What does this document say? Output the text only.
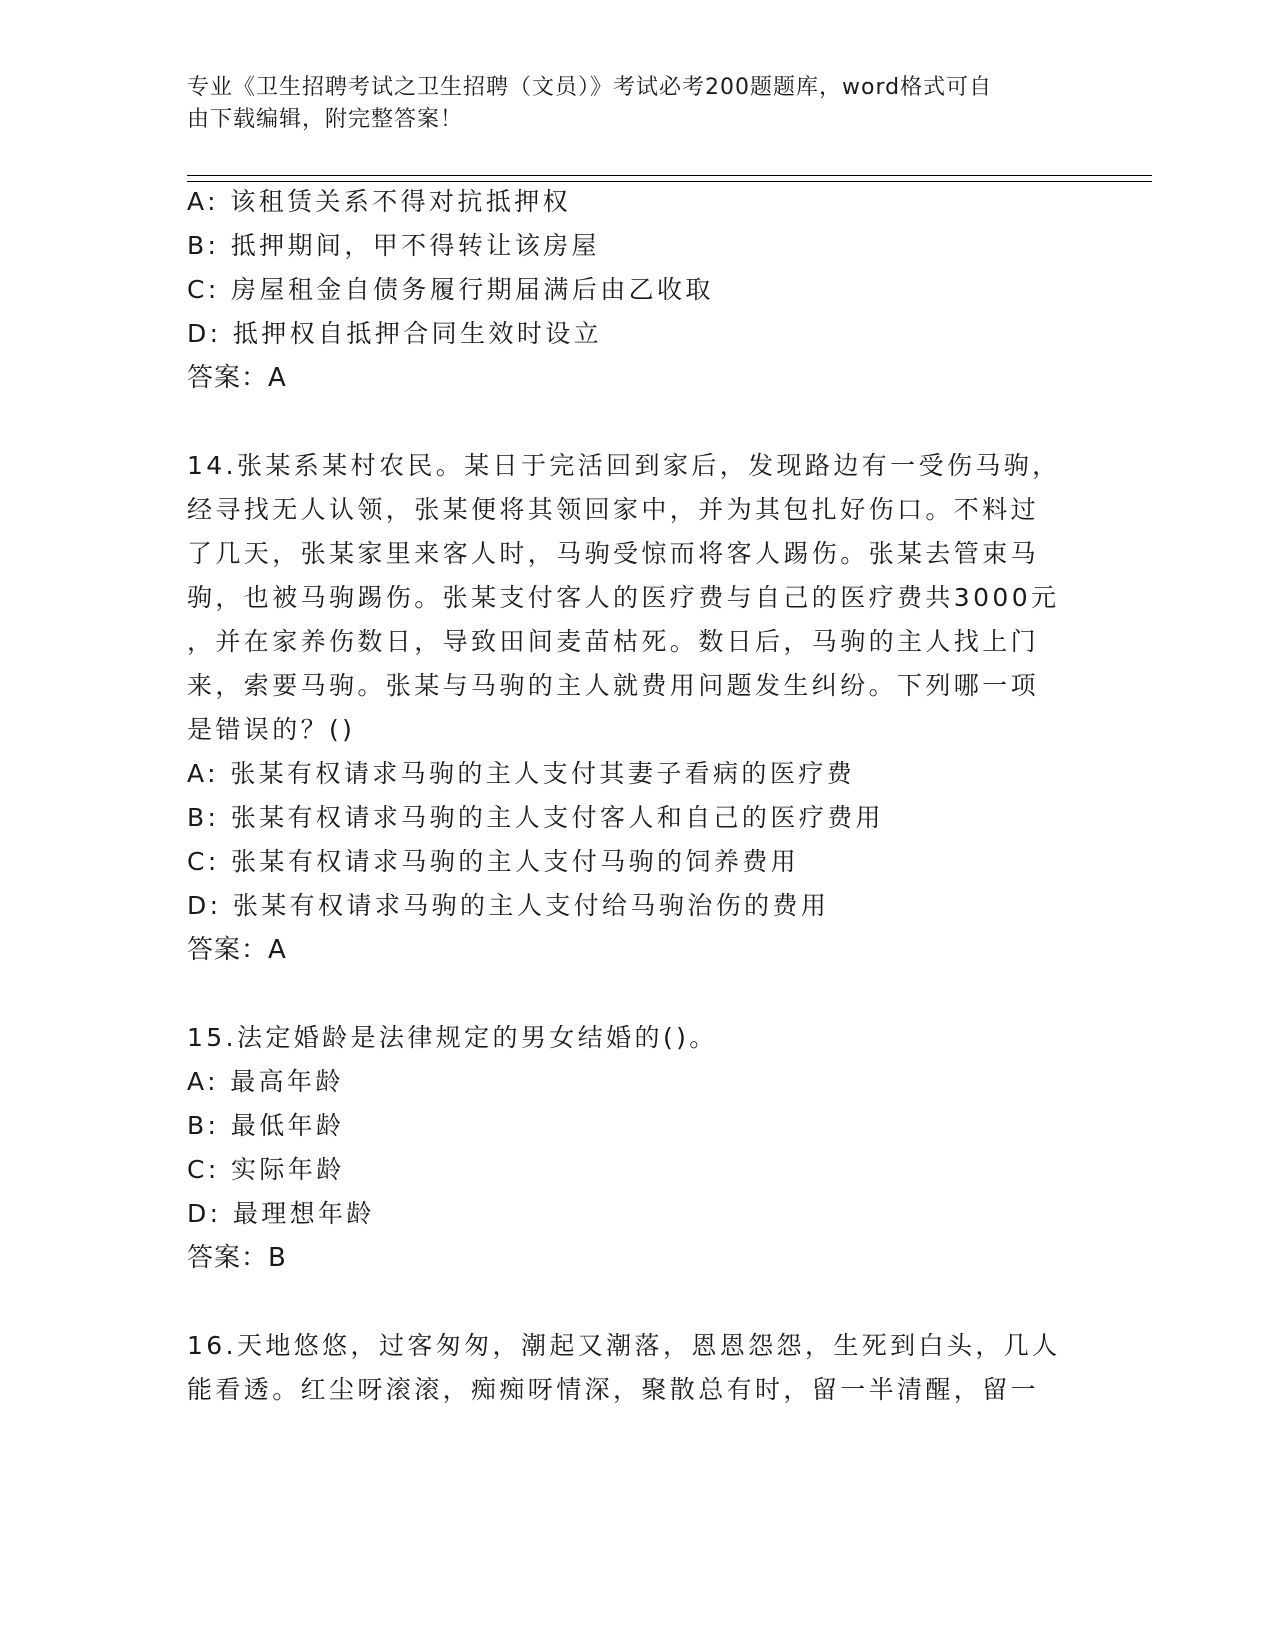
专业《卫生招聘考试之卫生招聘（文员）》考试必考200题题库，word格式可自
由下载编辑，附完整答案！
A: 该租赁关系不得对抗抵押权
B: 抵押期间，甲不得转让该房屋
C: 房屋租金自债务履行期届满后由乙收取
D: 抵押权自抵押合同生效时设立
答案：A
14.张某系某村农民。某日于完活回到家后，发现路边有一受伤马驹，
经寻找无人认领，张某便将其领回家中，并为其包扎好伤口。不料过
了几天，张某家里来客人时，马驹受惊而将客人踢伤。张某去管束马
驹，也被马驹踢伤。张某支付客人的医疗费与自己的医疗费共3000元
，并在家养伤数日，导致田间麦苗枯死。数日后，马驹的主人找上门
来，索要马驹。张某与马驹的主人就费用问题发生纠纷。下列哪一项
是错误的？()
A: 张某有权请求马驹的主人支付其妻子看病的医疗费
B: 张某有权请求马驹的主人支付客人和自己的医疗费用
C: 张某有权请求马驹的主人支付马驹的饲养费用
D: 张某有权请求马驹的主人支付给马驹治伤的费用
答案：A
15.法定婚龄是法律规定的男女结婚的()。
A: 最高年龄
B: 最低年龄
C: 实际年龄
D: 最理想年龄
答案：B
16.天地悠悠，过客匆匆，潮起又潮落，恩恩怨怨，生死到白头，几人
能看透。红尘呀滚滚，痴痴呀情深，聚散总有时，留一半清醒，留一
